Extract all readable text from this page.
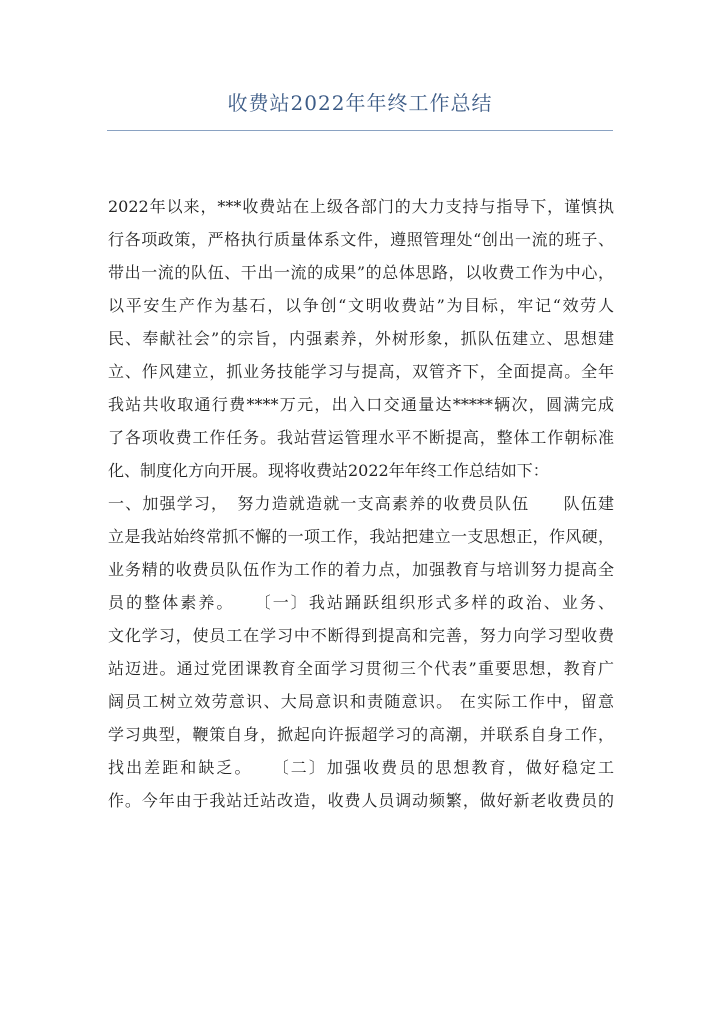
收费站2022年年终工作总结
2022年以来，***收费站在上级各部门的大力支持与指导下，谨慎执
行各项政策，严格执行质量体系文件，遵照管理处“创出一流的班子、
带出一流的队伍、干出一流的成果”的总体思路，以收费工作为中心，
以平安生产作为基石，以争创“文明收费站”为目标，牢记“效劳人
民、奉献社会”的宗旨，内强素养，外树形象，抓队伍建立、思想建
立、作风建立，抓业务技能学习与提高，双管齐下，全面提高。全年
我站共收取通行费****万元，出入口交通量达*****辆次，圆满完成
了各项收费工作任务。我站营运管理水平不断提高，整体工作朝标准
化、制度化方向开展。现将收费站2022年年终工作总结如下：
一、加强学习，　努力造就造就一支高素养的收费员队伍　　队伍建
立是我站始终常抓不懈的一项工作，我站把建立一支思想正，作风硬，
业务精的收费员队伍作为工作的着力点，加强教育与培训努力提高全
员的整体素养。　　〔一〕我站踊跃组织形式多样的政治、业务、
文化学习，使员工在学习中不断得到提高和完善，努力向学习型收费
站迈进。通过党团课教育全面学习贯彻三个代表”重要思想，教育广
阔员工树立效劳意识、大局意识和责随意识。 在实际工作中，留意
学习典型，鞭策自身，掀起向许振超学习的高潮，并联系自身工作，
找出差距和缺乏。　　〔二〕加强收费员的思想教育，做好稳定工
作。今年由于我站迁站改造，收费人员调动频繁，做好新老收费员的
